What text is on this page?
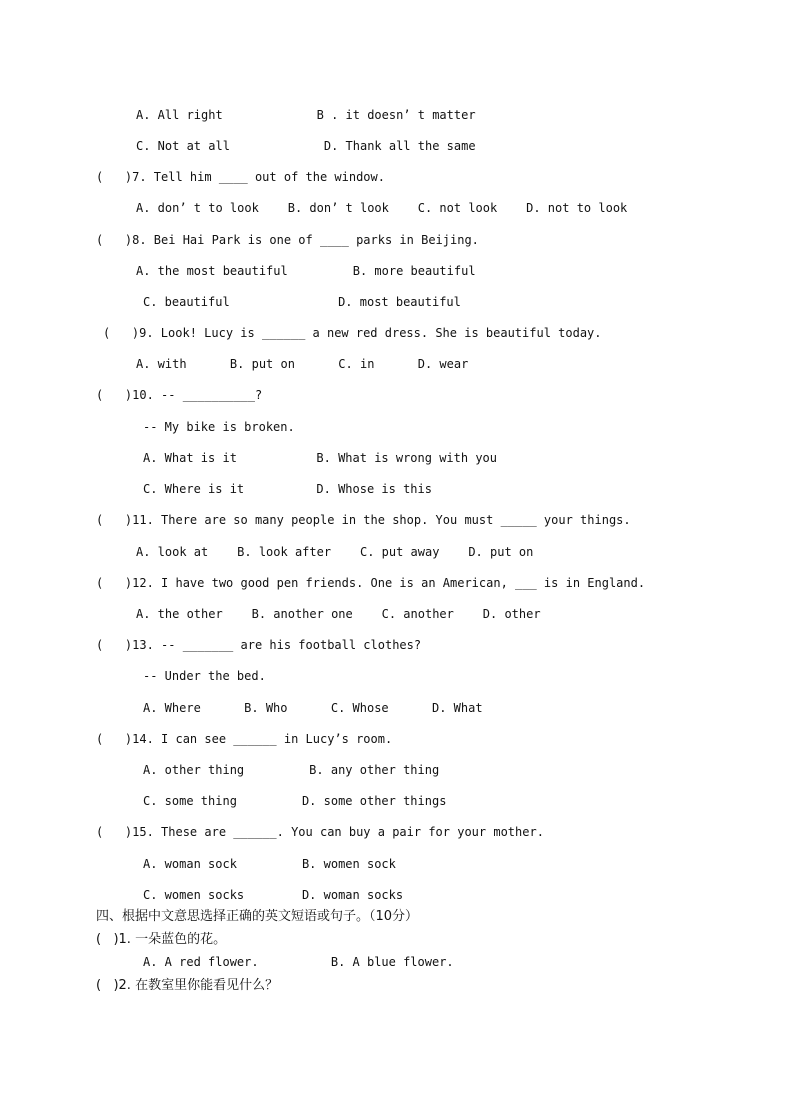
A. All right             B . it doesn’ t matter
C. Not at all             D. Thank all the same
(   )7. Tell him ____ out of the window.
A. don’ t to look    B. don’ t look    C. not look    D. not to look
(   )8. Bei Hai Park is one of ____ parks in Beijing.
A. the most beautiful         B. more beautiful
C. beautiful               D. most beautiful
(   )9. Look! Lucy is ______ a new red dress. She is beautiful today.
A. with      B. put on      C. in      D. wear
(   )10. -- __________?
-- My bike is broken.
A. What is it           B. What is wrong with you
C. Where is it          D. Whose is this
(   )11. There are so many people in the shop. You must _____ your things.
A. look at    B. look after    C. put away    D. put on
(   )12. I have two good pen friends. One is an American, ___ is in England.
A. the other    B. another one    C. another    D. other
(   )13. -- _______ are his football clothes?
-- Under the bed.
A. Where      B. Who      C. Whose      D. What
(   )14. I can see ______ in Lucy’s room.
A. other thing         B. any other thing
C. some thing         D. some other things
(   )15. These are ______. You can buy a pair for your mother.
A. woman sock         B. women sock
C. women socks        D. woman socks
四、根据中文意思选择正确的英文短语或句子。（10分）
(   )1. 一朵蓝色的花。
A. A red flower.          B. A blue flower.
(   )2. 在教室里你能看见什么？
